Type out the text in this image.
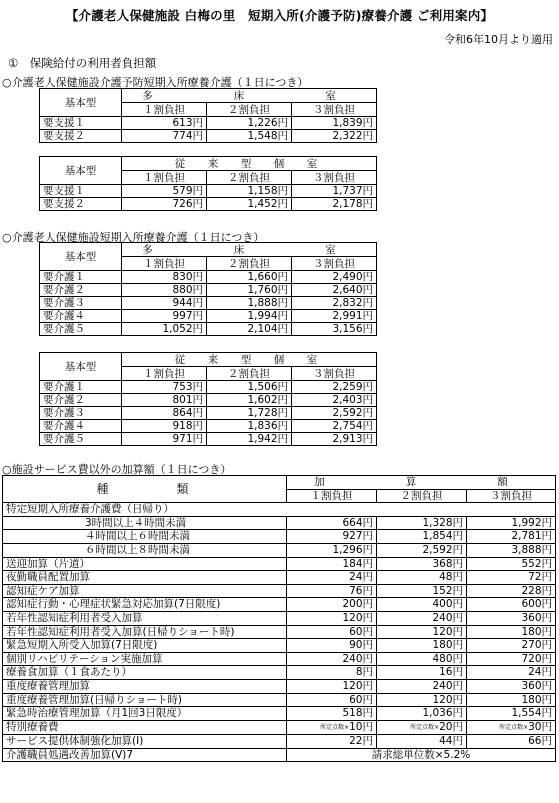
【介護老人保健施設 白梅の里　短期入所(介護予防)療養介護 ご利用案内】
令和6年10月より適用
①　保険給付の利用者負担額
○介護老人保健施設介護予防短期入所療養介護（１日につき）
基本型	多　　床　　室		
	１割負担	２割負担	３割負担
要支援１	613円	1,226円	1,839円
要支援２	774円	1,548円	2,322円
基本型	従　来　型　個　室		
	１割負担	２割負担	３割負担
要支援１	579円	1,158円	1,737円
要支援２	726円	1,452円	2,178円
○介護老人保健施設短期入所療養介護（１日につき）
基本型	多　　床　　室		
	１割負担	２割負担	３割負担
要介護１	830円	1,660円	2,490円
要介護２	880円	1,760円	2,640円
要介護３	944円	1,888円	2,832円
要介護４	997円	1,994円	2,991円
要介護５	1,052円	2,104円	3,156円
基本型	従　来　型　個　室		
	１割負担	２割負担	３割負担
要介護１	753円	1,506円	2,259円
要介護２	801円	1,602円	2,403円
要介護３	864円	1,728円	2,592円
要介護４	918円	1,836円	2,754円
要介護５	971円	1,942円	2,913円
○施設サービス費以外の加算額（１日につき）
種　　　　類	加　　算　　額		
	１割負担	２割負担	３割負担
特定短期入所療養介護費（日帰り）			
3時間以上４時間未満	664円	1,328円	1,992円
４時間以上６時間未満	927円	1,854円	2,781円
６時間以上８時間未満	1,296円	2,592円	3,888円
送迎加算（片道）	184円	368円	552円
夜勤職員配置加算	24円	48円	72円
認知症ケア加算	76円	152円	228円
認知症行動・心理症状緊急対応加算(7日限度)	200円	400円	600円
若年性認知症利用者受入加算	120円	240円	360円
若年性認知症利用者受入加算(日帰りショート時)	60円	120円	180円
緊急短期入所受入加算(7日限度)	90円	180円	270円
個別リハビリテーション実施加算	240円	480円	720円
療養食加算（１食あたり）	8円	16円	24円
重度療養管理加算	120円	240円	360円
重度療養管理加算(日帰りショート時)	60円	120円	180円
緊急時治療管理加算（月1回3日限度）	518円	1,036円	1,554円
特別療養費	所定点数×10円	所定点数×20円	所定点数×30円
サービス提供体制強化加算(Ⅰ)	22円	44円	66円
介護職員処遇改善加算(Ⅴ)7	請求総単位数×5.2%		
